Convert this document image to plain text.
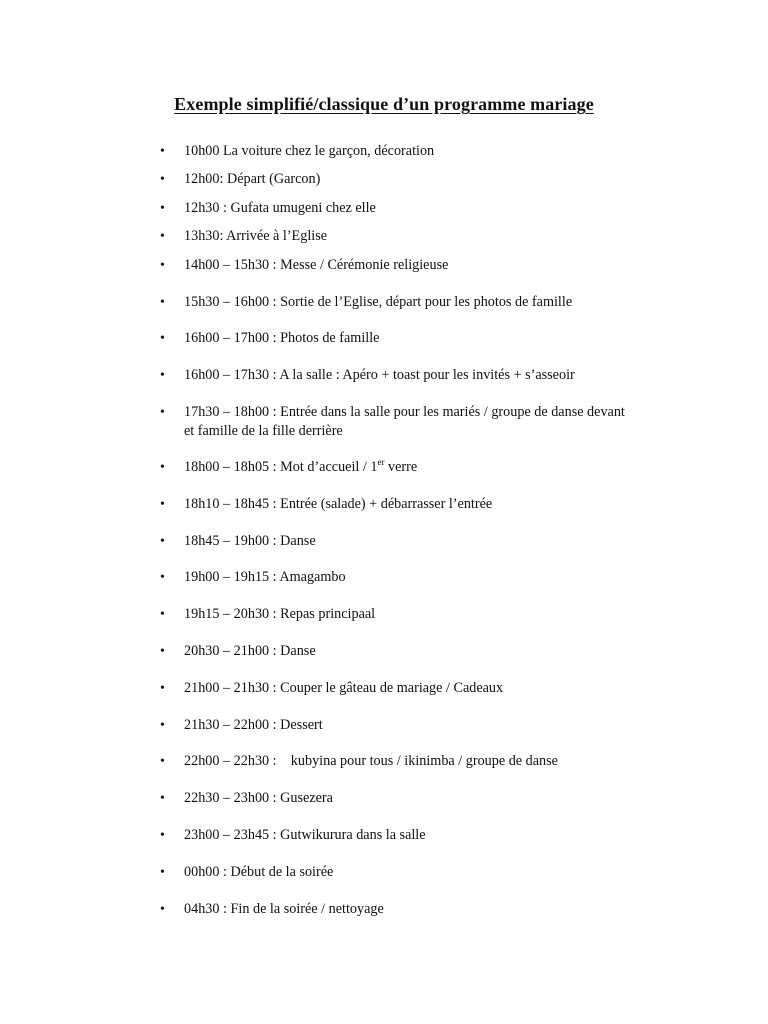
Exemple simplifié/classique d’un programme mariage
•	10h00 La voiture chez le garçon, décoration
•	12h00: Départ (Garcon)
•	12h30 : Gufata umugeni chez elle
•	13h30: Arrivée à l’Eglise
•	14h00 – 15h30 : Messe / Cérémonie religieuse
•	15h30 – 16h00 : Sortie de l’Eglise, départ pour les photos de famille
•	16h00 – 17h00 : Photos de famille
•	16h00 – 17h30 : A la salle : Apéro + toast pour les invités + s’asseoir
•	17h30 – 18h00 : Entrée dans la salle pour les mariés / groupe de danse devant
et famille de la fille derrière
•	18h00 – 18h05 : Mot d’accueil / 1er verre
•	18h10 – 18h45 : Entrée (salade) + débarrasser l’entrée
•	18h45 – 19h00 : Danse
•	19h00 – 19h15 : Amagambo
•	19h15 – 20h30 : Repas principaal
•	20h30 – 21h00 : Danse
•	21h00 – 21h30 : Couper le gâteau de mariage / Cadeaux
•	21h30 – 22h00 : Dessert
•	22h00 – 22h30 :    kubyina pour tous / ikinimba / groupe de danse
•	22h30 – 23h00 : Gusezera
•	23h00 – 23h45 : Gutwikurura dans la salle
•	00h00 : Début de la soirée
•	04h30 : Fin de la soirée / nettoyage
